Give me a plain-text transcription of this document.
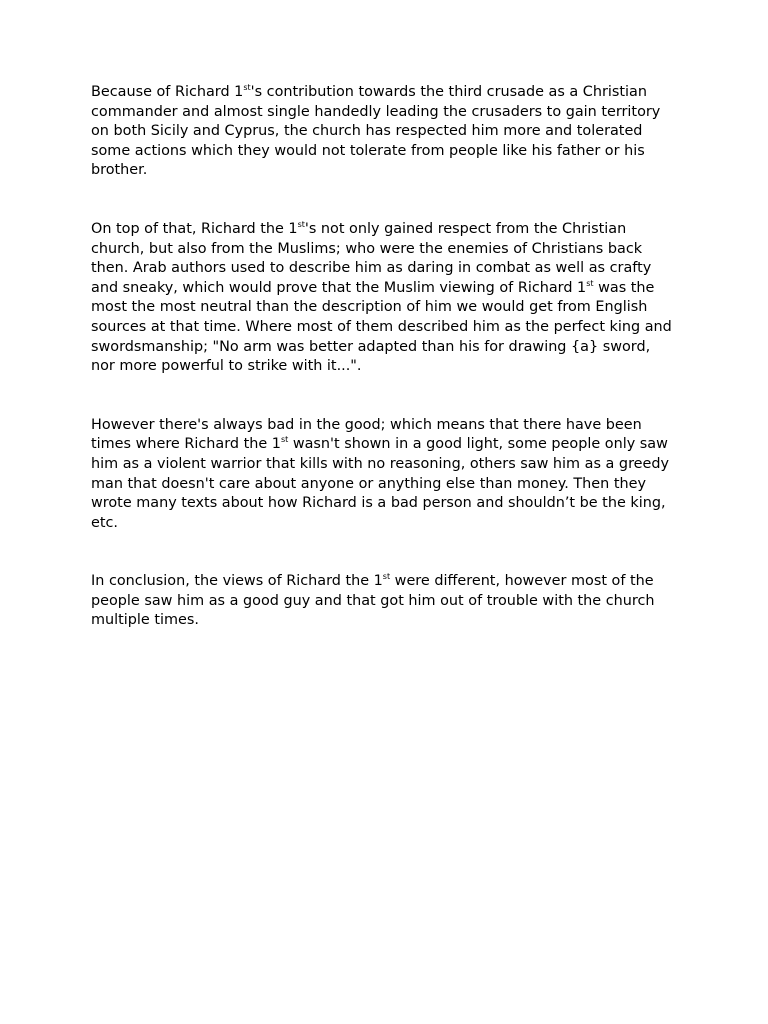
Because of Richard 1st's contribution towards the third crusade as a Christian commander and almost single handedly leading the crusaders to gain territory on both Sicily and Cyprus, the church has respected him more and tolerated some actions which they would not tolerate from people like his father or his brother.

On top of that, Richard the 1st's not only gained respect from the Christian church, but also from the Muslims; who were the enemies of Christians back then. Arab authors used to describe him as daring in combat as well as crafty and sneaky, which would prove that the Muslim viewing of Richard 1st was the most the most neutral than the description of him we would get from English sources at that time. Where most of them described him as the perfect king and swordsmanship; "No arm was better adapted than his for drawing {a} sword, nor more powerful to strike with it...".

However there's always bad in the good; which means that there have been times where Richard the 1st wasn't shown in a good light, some people only saw him as a violent warrior that kills with no reasoning, others saw him as a greedy man that doesn't care about anyone or anything else than money. Then they wrote many texts about how Richard is a bad person and shouldn’t be the king, etc.

In conclusion, the views of Richard the 1st were different, however most of the people saw him as a good guy and that got him out of trouble with the church multiple times.
